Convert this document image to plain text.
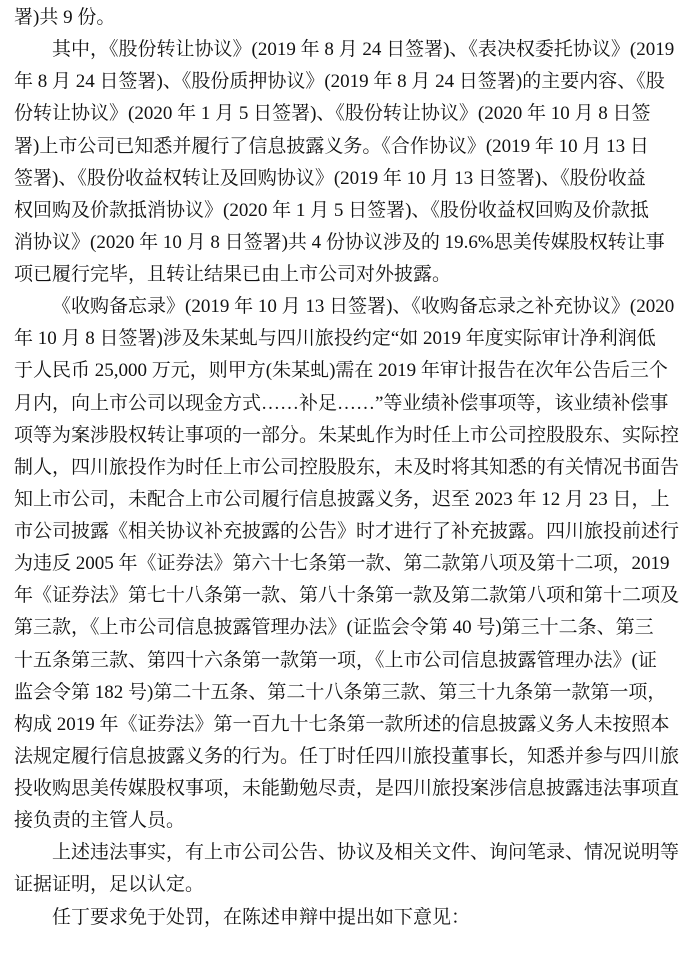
署)共 9 份。
其中，《股份转让协议》(2019 年 8 月 24 日签署)、《表决权委托协议》(2019
年 8 月 24 日签署)、《股份质押协议》(2019 年 8 月 24 日签署)的主要内容、《股
份转让协议》(2020 年 1 月 5 日签署)、《股份转让协议》(2020 年 10 月 8 日签
署)上市公司已知悉并履行了信息披露义务。《合作协议》(2019 年 10 月 13 日
签署)、《股份收益权转让及回购协议》(2019 年 10 月 13 日签署)、《股份收益
权回购及价款抵消协议》(2020 年 1 月 5 日签署)、《股份收益权回购及价款抵
消协议》(2020 年 10 月 8 日签署)共 4 份协议涉及的 19.6%思美传媒股权转让事
项已履行完毕，且转让结果已由上市公司对外披露。
《收购备忘录》(2019 年 10 月 13 日签署)、《收购备忘录之补充协议》(2020
年 10 月 8 日签署)涉及朱某虬与四川旅投约定“如 2019 年度实际审计净利润低
于人民币 25,000 万元，则甲方(朱某虬)需在 2019 年审计报告在次年公告后三个
月内，向上市公司以现金方式……补足……”等业绩补偿事项等，该业绩补偿事
项等为案涉股权转让事项的一部分。朱某虬作为时任上市公司控股股东、实际控
制人，四川旅投作为时任上市公司控股股东，未及时将其知悉的有关情况书面告
知上市公司，未配合上市公司履行信息披露义务，迟至 2023 年 12 月 23 日，上
市公司披露《相关协议补充披露的公告》时才进行了补充披露。四川旅投前述行
为违反 2005 年《证券法》第六十七条第一款、第二款第八项及第十二项，2019
年《证券法》第七十八条第一款、第八十条第一款及第二款第八项和第十二项及
第三款，《上市公司信息披露管理办法》(证监会令第 40 号)第三十二条、第三
十五条第三款、第四十六条第一款第一项，《上市公司信息披露管理办法》(证
监会令第 182 号)第二十五条、第二十八条第三款、第三十九条第一款第一项，
构成 2019 年《证券法》第一百九十七条第一款所述的信息披露义务人未按照本
法规定履行信息披露义务的行为。任丁时任四川旅投董事长，知悉并参与四川旅
投收购思美传媒股权事项，未能勤勉尽责，是四川旅投案涉信息披露违法事项直
接负责的主管人员。
上述违法事实，有上市公司公告、协议及相关文件、询问笔录、情况说明等
证据证明，足以认定。
任丁要求免于处罚，在陈述申辩中提出如下意见：
